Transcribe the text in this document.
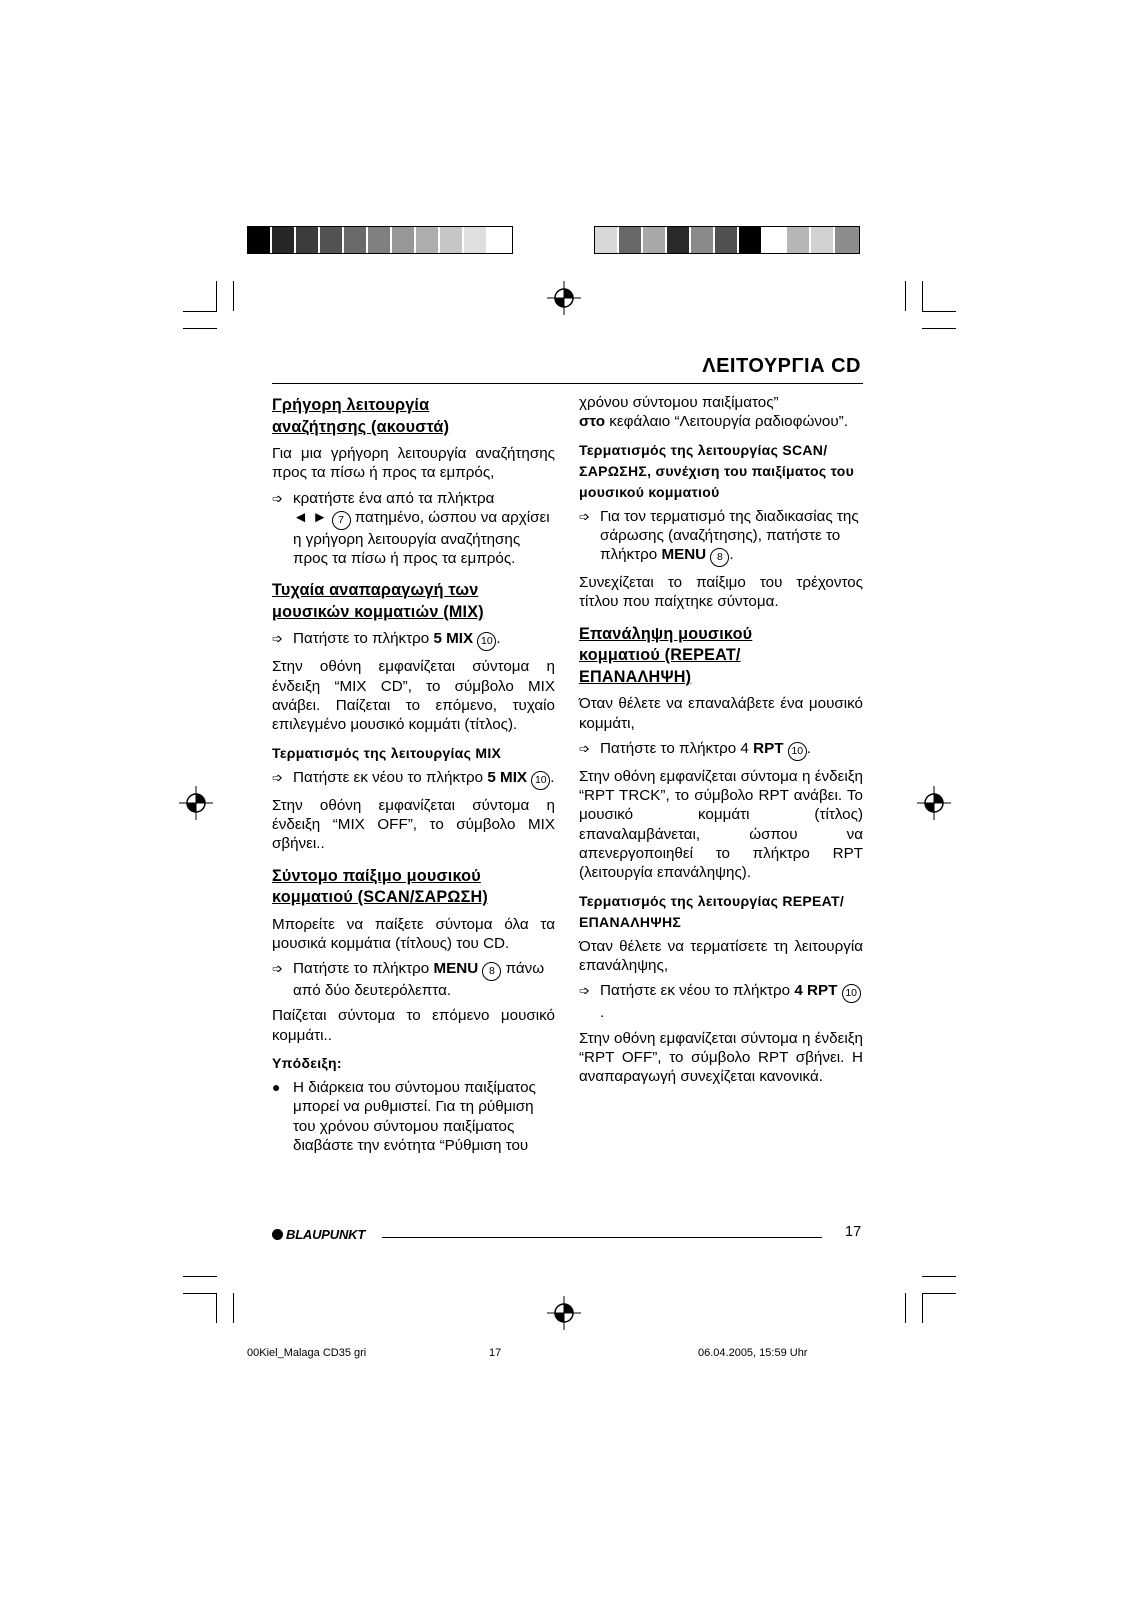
ΛΕΙΤΟΥΡΓΙΑ CD
Γρήγορη λειτουργία
αναζήτησης (ακουστά)

Για μια γρήγορη λειτουργία αναζήτησης προς τα πίσω ή προς τα εμπρός,

➩ κρατήστε ένα από τα πλήκτρα
◄ ► 7 πατημένο, ώσπου να αρχίσει η γρήγορη λειτουργία αναζήτησης προς τα πίσω ή προς τα εμπρός.
Τυχαία αναπαραγωγή των
μουσικών κομματιών (MIX)
➩ Πατήστε το πλήκτρο 5 MIX 10 .

Στην οθόνη εμφανίζεται σύντομα η ένδειξη “MIX CD”, το σύμβολο MIX ανάβει. Παίζεται το επόμενο, τυχαίο επιλεγμένο μουσικό κομμάτι (τίτλος).

Τερματισμός της λειτουργίας MIX
➩ Πατήστε εκ νέου το πλήκτρο 5 MIX 10 .

Στην οθόνη εμφανίζεται σύντομα η ένδειξη “MIX OFF”, το σύμβολο MIX σβήνει..

Σύντομο παίξιμο μουσικού
κομματιού (SCAN/ΣΑΡΩΣΗ)

Μπορείτε να παίξετε σύντομα όλα τα μουσικά κομμάτια (τίτλους) του CD.

➩ Πατήστε το πλήκτρο MENU 8 πάνω από δύο δευτερόλεπτα.

Παίζεται σύντομα το επόμενο μουσικό κομμάτι..

Υπόδειξη:
● Η διάρκεια του σύντομου παιξίματος μπορεί να ρυθμιστεί. Για τη ρύθμιση του χρόνου σύντομου παιξίματος διαβάστε την ενότητα “Ρύθμιση του

χρόνου σύντομου παιξίματος”
στο κεφάλαιο “Λειτουργία ραδιοφώνου”.

Τερματισμός της λειτουργίας SCAN/ΣΑΡΩΣΗΣ, συνέχιση του παιξίματος του μουσικού κομματιού
➩ Για τον τερματισμό της διαδικασίας της σάρωσης (αναζήτησης), πατήστε το πλήκτρο MENU 8 .

Συνεχίζεται το παίξιμο του τρέχοντος τίτλου που παίχτηκε σύντομα.

Επανάληψη μουσικού
κομματιού (REPEAT/
ΕΠΑΝΑΛΗΨΗ)

Όταν θέλετε να επαναλάβετε ένα μουσικό κομμάτι,

➩ Πατήστε το πλήκτρο 4 RPT 10 .

Στην οθόνη εμφανίζεται σύντομα η ένδειξη “RPT TRCK”, το σύμβολο RPT ανάβει. Το μουσικό κομμάτι (τίτλος) επαναλαμβάνεται, ώσπου να απενεργοποιηθεί το πλήκτρο RPT (λειτουργία επανάληψης).

Τερματισμός της λειτουργίας REPEAT/ΕΠΑΝΑΛΗΨΗΣ

Όταν θέλετε να τερματίσετε τη λειτουργία επανάληψης,

➩ Πατήστε εκ νέου το πλήκτρο 4 RPT 10.

Στην οθόνη εμφανίζεται σύντομα η ένδειξη “RPT OFF”, το σύμβολο RPT σβήνει. Η αναπαραγωγή συνεχίζεται κανονικά.

BLAUPUNKT	17
00Kiel_Malaga CD35 gri	17	06.04.2005, 15:59 Uhr
